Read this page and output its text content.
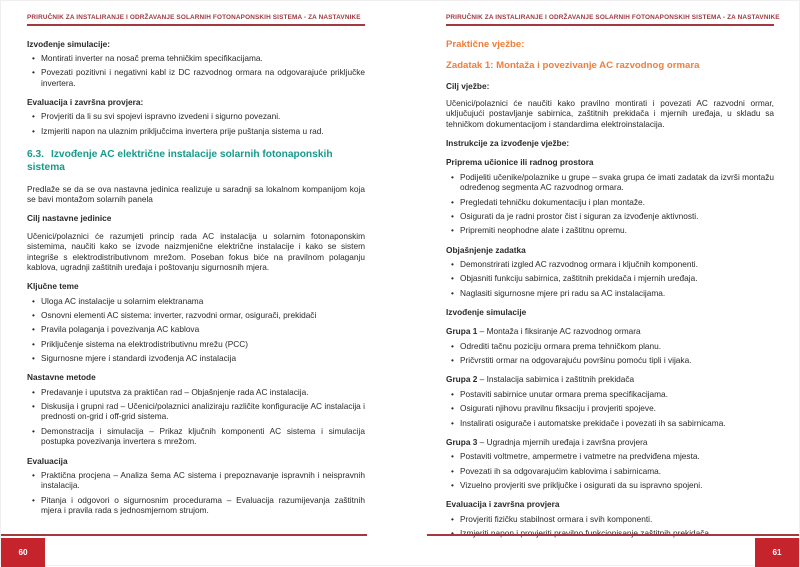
PRIRUČNIK ZA INSTALIRANJE I ODRŽAVANJE SOLARNIH FOTONAPONSKIH SISTEMA - ZA NASTAVNIKE
Izvođenje simulacije:
• Montirati inverter na nosač prema tehničkim specifikacijama.
• Povezati pozitivni i negativni kabl iz DC razvodnog ormara na odgovarajuće priključke invertera.
Evaluacija i završna provjera:
• Provjeriti da li su svi spojevi ispravno izvedeni i sigurno povezani.
• Izmjeriti napon na ulaznim priključcima invertera prije puštanja sistema u rad.
6.3. Izvođenje AC električne instalacije solarnih fotonaponskih sistema
Predlaže se da se ova nastavna jedinica realizuje u saradnji sa lokalnom kompanijom koja se bavi montažom solarnih panela
Cilj nastavne jedinice
Učenici/polaznici će razumjeti princip rada AC instalacija u solarnim fotonaponskim sistemima, naučiti kako se izvode naizmjenične električne instalacije i kako se sistem integriše s elektrodistributivnom mrežom. Poseban fokus biće na pravilnom polaganju kablova, ugradnji zaštitnih uređaja i poštovanju sigurnosnih mjera.
Ključne teme
• Uloga AC instalacije u solarnim elektranama
• Osnovni elementi AC sistema: inverter, razvodni ormar, osigurači, prekidači
• Pravila polaganja i povezivanja AC kablova
• Priključenje sistema na elektrodistributivnu mrežu (PCC)
• Sigurnosne mjere i standardi izvođenja AC instalacija
Nastavne metode
• Predavanje i uputstva za praktičan rad – Objašnjenje rada AC instalacija.
• Diskusija i grupni rad – Učenici/polaznici analiziraju različite konfiguracije AC instalacija i prednosti on-grid i off-grid sistema.
• Demonstracija i simulacija – Prikaz ključnih komponenti AC sistema i simulacija postupka povezivanja invertera s mrežom.
Evaluacija
• Praktična procjena – Analiza šema AC sistema i prepoznavanje ispravnih i neispravnih instalacija.
• Pitanja i odgovori o sigurnosnim procedurama – Evaluacija razumijevanja zaštitnih mjera i pravila rada s jednosmjernom strujom.
60
PRIRUČNIK ZA INSTALIRANJE I ODRŽAVANJE SOLARNIH FOTONAPONSKIH SISTEMA - ZA NASTAVNIKE
Praktične vježbe:
Zadatak 1: Montaža i povezivanje AC razvodnog ormara
Cilj vježbe:
Učenici/polaznici će naučiti kako pravilno montirati i povezati AC razvodni ormar, uključujući postavljanje sabirnica, zaštitnih prekidača i mjernih uređaja, u skladu sa tehničkom dokumentacijom i standardima elektroinstalacija.
Instrukcije za izvođenje vježbe:
Priprema učionice ili radnog prostora
• Podijeliti učenike/polaznike u grupe – svaka grupa će imati zadatak da izvrši montažu određenog segmenta AC razvodnog ormara.
• Pregledati tehničku dokumentaciju i plan montaže.
• Osigurati da je radni prostor čist i siguran za izvođenje aktivnosti.
• Pripremiti neophodne alate i zaštitnu opremu.
Objašnjenje zadatka
• Demonstrirati izgled AC razvodnog ormara i ključnih komponenti.
• Objasniti funkciju sabirnica, zaštitnih prekidača i mjernih uređaja.
• Naglasiti sigurnosne mjere pri radu sa AC instalacijama.
Izvođenje simulacije
Grupa 1 – Montaža i fiksiranje AC razvodnog ormara
• Odrediti tačnu poziciju ormara prema tehničkom planu.
• Pričvrstiti ormar na odgovarajuću površinu pomoću tipli i vijaka.
Grupa 2 – Instalacija sabirnica i zaštitnih prekidača
• Postaviti sabirnice unutar ormara prema specifikacijama.
• Osigurati njihovu pravilnu fiksaciju i provjeriti spojeve.
• Instalirati osigurače i automatske prekidače i povezati ih sa sabirnicama.
Grupa 3 – Ugradnja mjernih uređaja i završna provjera
• Postaviti voltmetre, ampermetre i vatmetre na predviđena mjesta.
• Povezati ih sa odgovarajućim kablovima i sabirnicama.
• Vizuelno provjeriti sve priključke i osigurati da su ispravno spojeni.
Evaluacija i završna provjera
• Provjeriti fizičku stabilnost ormara i svih komponenti.
•
61
